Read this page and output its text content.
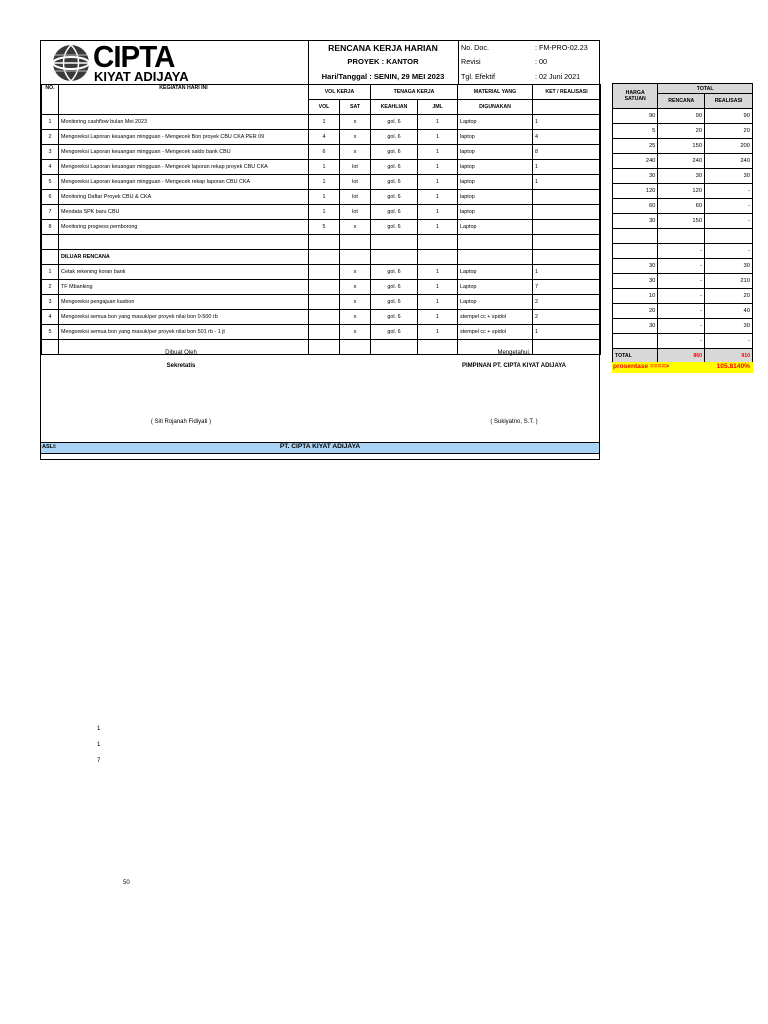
CIPTA
KIYAT ADIJAYA
RENCANA KERJA HARIAN
PROYEK : KANTOR
Hari/Tanggal : SENIN, 29 MEI 2023
No. Doc.	: FM-PRO-02.23
Revisi	: 00
Tgl. Efektif	: 02 Juni 2021
NO.	KEGIATAN HARI INI	VOL KERJA		TENAGA KERJA		MATERIAL YANG	KET / REALISASI
		VOL	SAT	KEAHLIAN	JML	DIGUNAKAN	
1	Monitoring cashflow bulan Mei 2023	1	x	gol. 6	1	Laptop	1
2	Mengoreksi Laporan keuangan mingguan - Mengecek Bon proyek CBU CKA PER 09	4	x	gol. 6	1	laptop	4
3	Mengoreksi Laporan keuangan mingguan - Mengecek saldo bank CBU	6	x	gol. 6	1	laptop	8
4	Mengoreksi Laporan keuangan mingguan - Mengecek laporan rekap proyek CBU CKA	1	lot	gol. 6	1	laptop	1
5	Mengoreksi Laporan keuangan mingguan - Mengecek rekap laporan CBU CKA	1	lot	gol. 6	1	laptop	1
6	Monitoring Daftar Proyek CBU & CKA	1	lot	gol. 6	1	laptop	
7	Mendata SPK baru CBU	1	lot	gol. 6	1	laptop	
8	Monitoring progress pemborong	5	x	gol. 6	1	Laptop	

	DILUAR RENCANA						
1	Cetak rekening koran bank		x	gol. 6	1	Laptop	1
2	TF Mbanking		x	gol. 6	1	Laptop	7
3	Mengoreksi pengajuan kasbon		x	gol. 6	1	Laptop	2
4	Mengoreksi semua bon yang masuk/per proyek nilai bon 0-500 rb		x	gol. 6	1	stempel cc + spidol	2
5	Mengoreksi semua bon yang masuk/per proyek nilai bon 501 rb - 1 jt		x	gol. 6	1	stempel cc + spidol	1

Dibuat Oleh
Sekretatis
( Siti Rojanah Fidiyati )
Mengetahui,
PIMPINAN PT. CIPTA KIYAT ADIJAYA
( Sukiyatno, S.T. )
ASLI:	PT. CIPTA KIYAT ADIJAYA
HARGA
SATUAN	TOTAL	
	RENCANA	REALISASI
90	90	90
5	20	20
25	150	200
240	240	240
30	30	30
120	120	-
60	60	-
30	150	-

	-	-
30	-	30
30	-	210
10	-	20
20	-	40
30	-	30
	-	-
TOTAL	860	910
prosentase ====>	105.8140%
1
1
7
50
